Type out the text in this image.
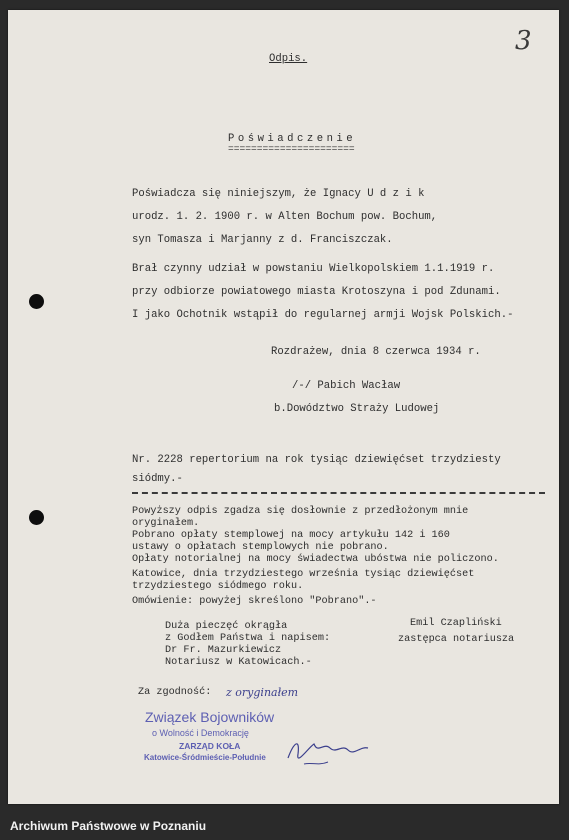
3
Odpis.
Poświadczenie
======================
Poświadcza się niniejszym, że Ignacy U d z i k
urodz. 1. 2. 1900 r. w Alten Bochum pow. Bochum,
syn Tomasza i Marjanny z d. Franciszczak.
Brał czynny udział w powstaniu Wielkopolskiem 1.1.1919 r.
przy odbiorze powiatowego miasta Krotoszyna i pod Zdunami.
I jako Ochotnik wstąpił do regularnej armji Wojsk Polskich.-
Rozdrażew, dnia 8 czerwca 1934 r.
/-/ Pabich Wacław
b.Dowództwo Straży Ludowej
Nr. 2228 repertorium na rok tysiąc dziewięćset trzydziesty
siódmy.-
Powyższy odpis zgadza się dosłownie z przedłożonym mnie
oryginałem.
Pobrano opłaty stemplowej na mocy artykułu 142 i 160
ustawy o opłatach stemplowych nie pobrano.
Opłaty notorialnej na mocy świadectwa ubóstwa nie policzono.
Katowice, dnia trzydziestego września tysiąc dziewięćset
trzydziestego siódmego roku.
Omówienie: powyżej skreślono "Pobrano".-
Duża pieczęć okrągła
z Godłem Państwa i napisem:
Dr Fr. Mazurkiewicz
Notariusz w Katowicach.-
Emil Czapliński
zastępca notariusza
Za zgodność: z oryginałem
Związek Bojowników
o Wolność i Demokrację
ZARZĄD KOŁA
Katowice-Śródmieście-Południe
Archiwum Państwowe w Poznaniu
